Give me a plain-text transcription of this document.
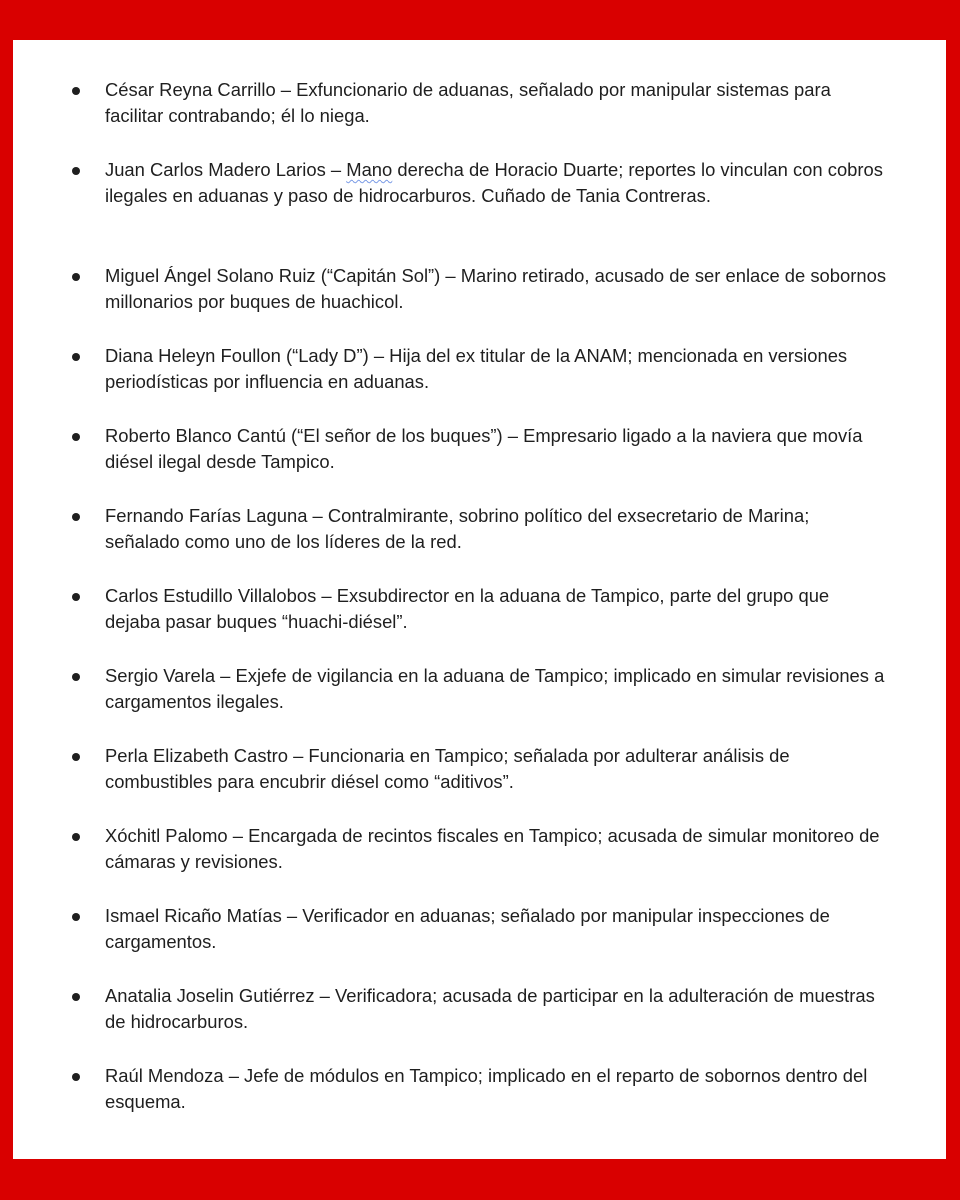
César Reyna Carrillo – Exfuncionario de aduanas, señalado por manipular sistemas para facilitar contrabando; él lo niega.
Juan Carlos Madero Larios – Mano derecha de Horacio Duarte; reportes lo vinculan con cobros ilegales en aduanas y paso de hidrocarburos. Cuñado de Tania Contreras.
Miguel Ángel Solano Ruiz (“Capitán Sol”) – Marino retirado, acusado de ser enlace de sobornos millonarios por buques de huachicol.
Diana Heleyn Foullon (“Lady D”) – Hija del ex titular de la ANAM; mencionada en versiones periodísticas por influencia en aduanas.
Roberto Blanco Cantú (“El señor de los buques”) – Empresario ligado a la naviera que movía diésel ilegal desde Tampico.
Fernando Farías Laguna – Contralmirante, sobrino político del exsecretario de Marina; señalado como uno de los líderes de la red.
Carlos Estudillo Villalobos – Exsubdirector en la aduana de Tampico, parte del grupo que dejaba pasar buques “huachi-diésel”.
Sergio Varela – Exjefe de vigilancia en la aduana de Tampico; implicado en simular revisiones a cargamentos ilegales.
Perla Elizabeth Castro – Funcionaria en Tampico; señalada por adulterar análisis de combustibles para encubrir diésel como “aditivos”.
Xóchitl Palomo – Encargada de recintos fiscales en Tampico; acusada de simular monitoreo de cámaras y revisiones.
Ismael Ricaño Matías – Verificador en aduanas; señalado por manipular inspecciones de cargamentos.
Anatalia Joselin Gutiérrez – Verificadora; acusada de participar en la adulteración de muestras de hidrocarburos.
Raúl Mendoza – Jefe de módulos en Tampico; implicado en el reparto de sobornos dentro del esquema.
